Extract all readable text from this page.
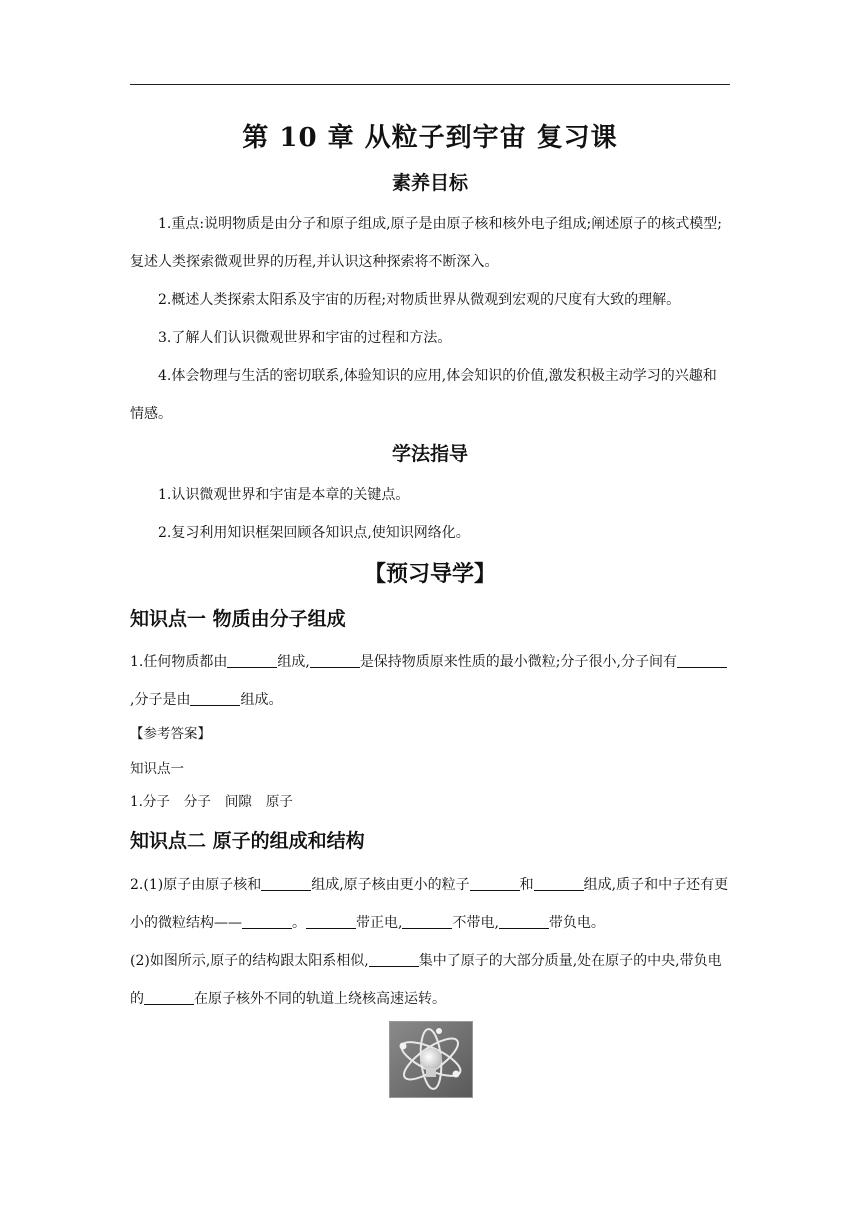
第 10 章 从粒子到宇宙 复习课
素养目标
1.重点:说明物质是由分子和原子组成,原子是由原子核和核外电子组成;阐述原子的核式模型;复述人类探索微观世界的历程,并认识这种探索将不断深入。
2.概述人类探索太阳系及宇宙的历程;对物质世界从微观到宏观的尺度有大致的理解。
3.了解人们认识微观世界和宇宙的过程和方法。
4.体会物理与生活的密切联系,体验知识的应用,体会知识的价值,激发积极主动学习的兴趣和情感。
学法指导
1.认识微观世界和宇宙是本章的关键点。
2.复习利用知识框架回顾各知识点,使知识网络化。
【预习导学】
知识点一 物质由分子组成
1.任何物质都由	组成,	是保持物质原来性质的最小微粒;分子很小,分子间有,分子是由	组成。
【参考答案】
知识点一
1.分子 分子 间隙 原子
知识点二 原子的组成和结构
2.(1)原子由原子核和	组成,原子核由更小的粒子	和	组成,质子和中子还有更小的微粒结构——	。	带正电,	不带电,	带负电。
(2)如图所示,原子的结构跟太阳系相似,	集中了原子的大部分质量,处在原子的中央,带负电的	在原子核外不同的轨道上绕核高速运转。
